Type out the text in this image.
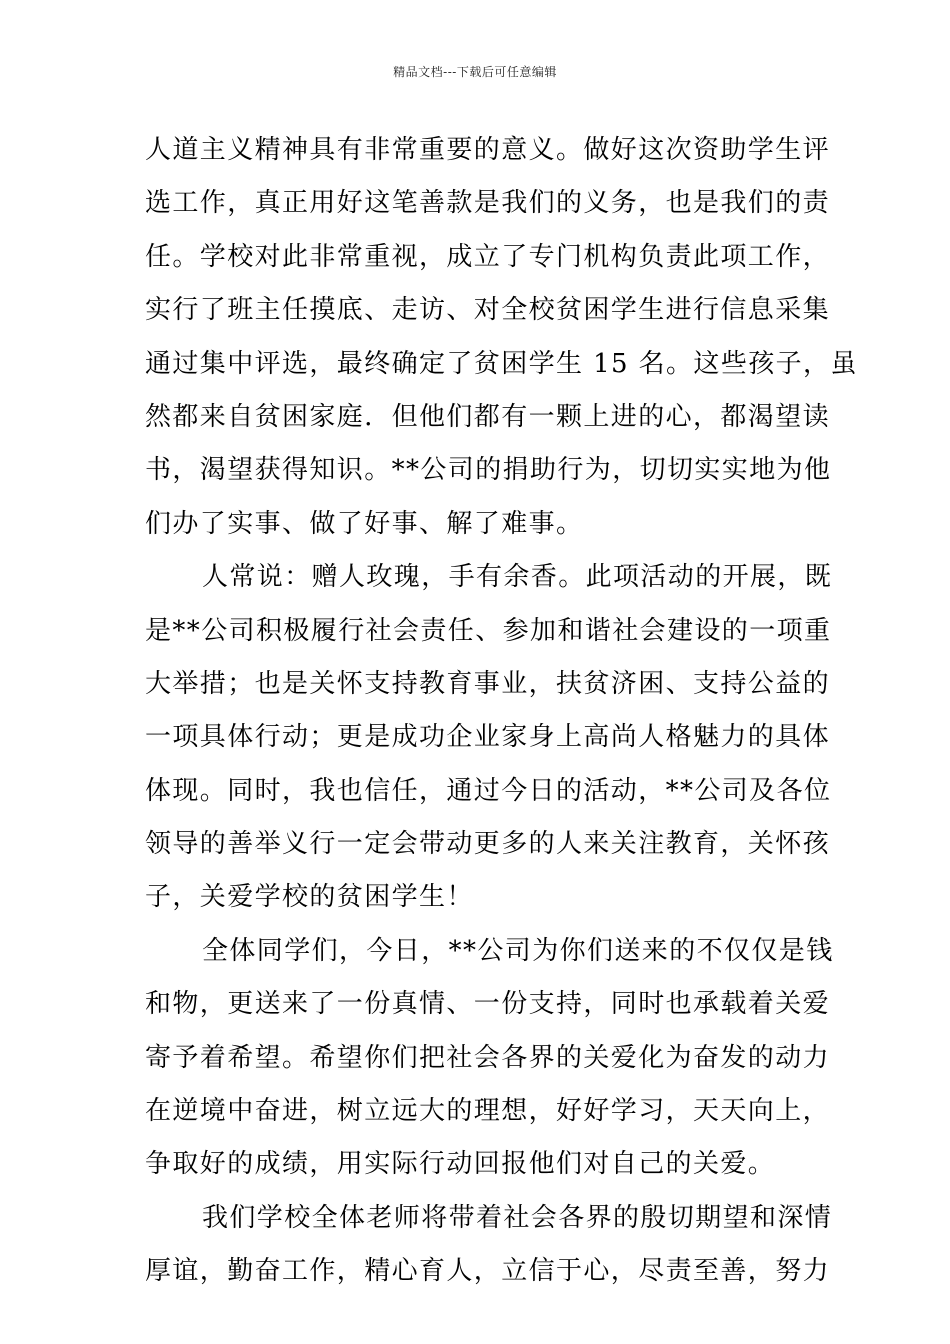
精品文档---下载后可任意编辑
人道主义精神具有非常重要的意义。做好这次资助学生评
选工作，真正用好这笔善款是我们的义务，也是我们的责
任。学校对此非常重视，成立了专门机构负责此项工作，
实行了班主任摸底、走访、对全校贫困学生进行信息采集
通过集中评选，最终确定了贫困学生 15 名。这些孩子，虽
然都来自贫困家庭．但他们都有一颗上进的心，都渴望读
书，渴望获得知识。**公司的捐助行为，切切实实地为他
们办了实事、做了好事、解了难事。
人常说：赠人玫瑰，手有余香。此项活动的开展，既
是**公司积极履行社会责任、参加和谐社会建设的一项重
大举措；也是关怀支持教育事业，扶贫济困、支持公益的
一项具体行动；更是成功企业家身上高尚人格魅力的具体
体现。同时，我也信任，通过今日的活动，**公司及各位
领导的善举义行一定会带动更多的人来关注教育，关怀孩
子，关爱学校的贫困学生！
全体同学们，今日，**公司为你们送来的不仅仅是钱
和物，更送来了一份真情、一份支持，同时也承载着关爱
寄予着希望。希望你们把社会各界的关爱化为奋发的动力
在逆境中奋进，树立远大的理想，好好学习，天天向上，
争取好的成绩，用实际行动回报他们对自己的关爱。
我们学校全体老师将带着社会各界的殷切期望和深情
厚谊，勤奋工作，精心育人，立信于心，尽责至善，努力
